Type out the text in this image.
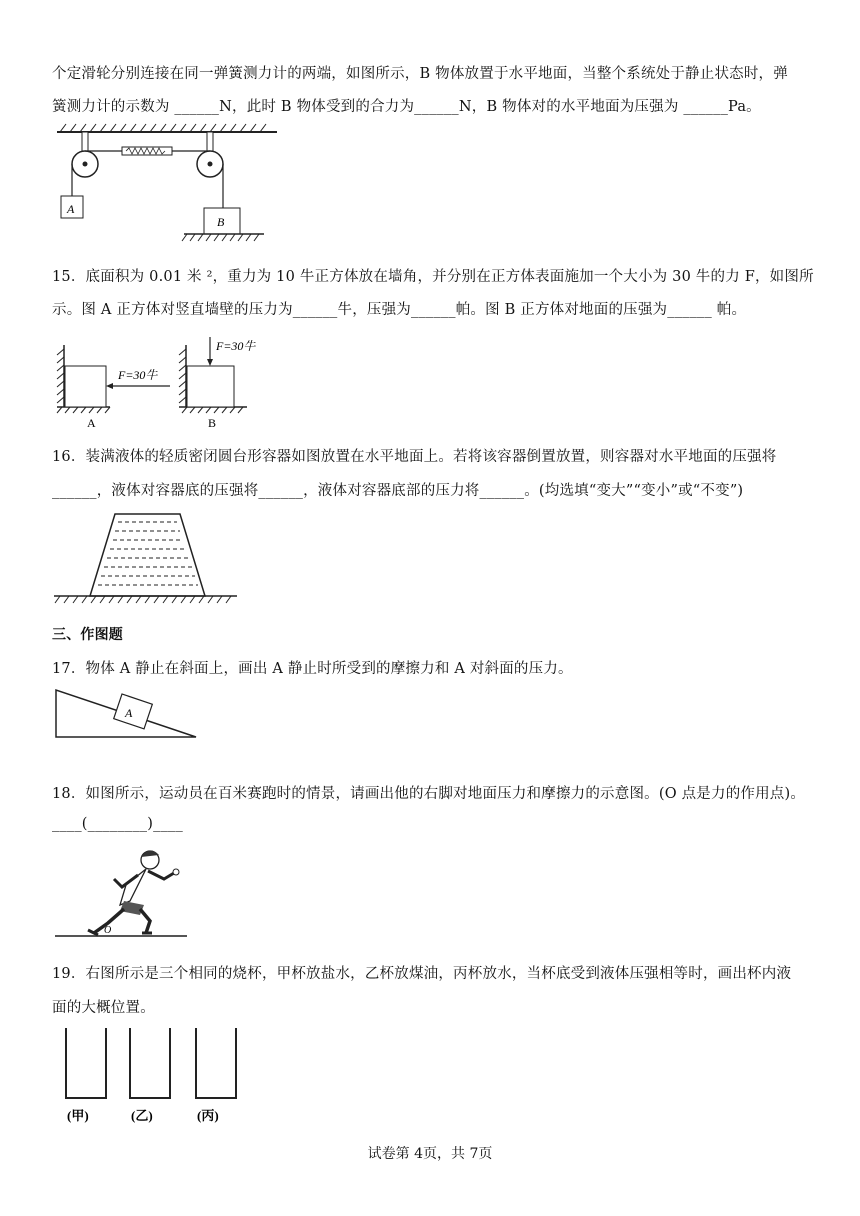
个定滑轮分别连接在同一弹簧测力计的两端，如图所示，B 物体放置于水平地面，当整个系统处于静止状态时，弹
簧测力计的示数为 ______N，此时 B 物体受到的合力为______N，B 物体对的水平地面为压强为 ______Pa。
A
B
15．底面积为 0.01 米 ²，重力为 10 牛正方体放在墙角，并分别在正方体表面施加一个大小为 30 牛的力 F，如图所
示。图 A 正方体对竖直墙壁的压力为______牛，压强为______帕。图 B 正方体对地面的压强为______ 帕。
F=30牛
A
F=30牛
B
16．装满液体的轻质密闭圆台形容器如图放置在水平地面上。若将该容器倒置放置，则容器对水平地面的压强将
______，液体对容器底的压强将______，液体对容器底部的压力将______。(均选填“变大”“变小”或“不变”)
三、作图题
17．物体 A 静止在斜面上，画出 A 静止时所受到的摩擦力和 A 对斜面的压力。
A
18．如图所示，运动员在百米赛跑时的情景，请画出他的右脚对地面压力和摩擦力的示意图。(O 点是力的作用点)。
____(________)____
O
19．右图所示是三个相同的烧杯，甲杯放盐水，乙杯放煤油，丙杯放水，当杯底受到液体压强相等时，画出杯内液
面的大概位置。
(甲)	(乙)	(丙)
试卷第 4页，共 7页
